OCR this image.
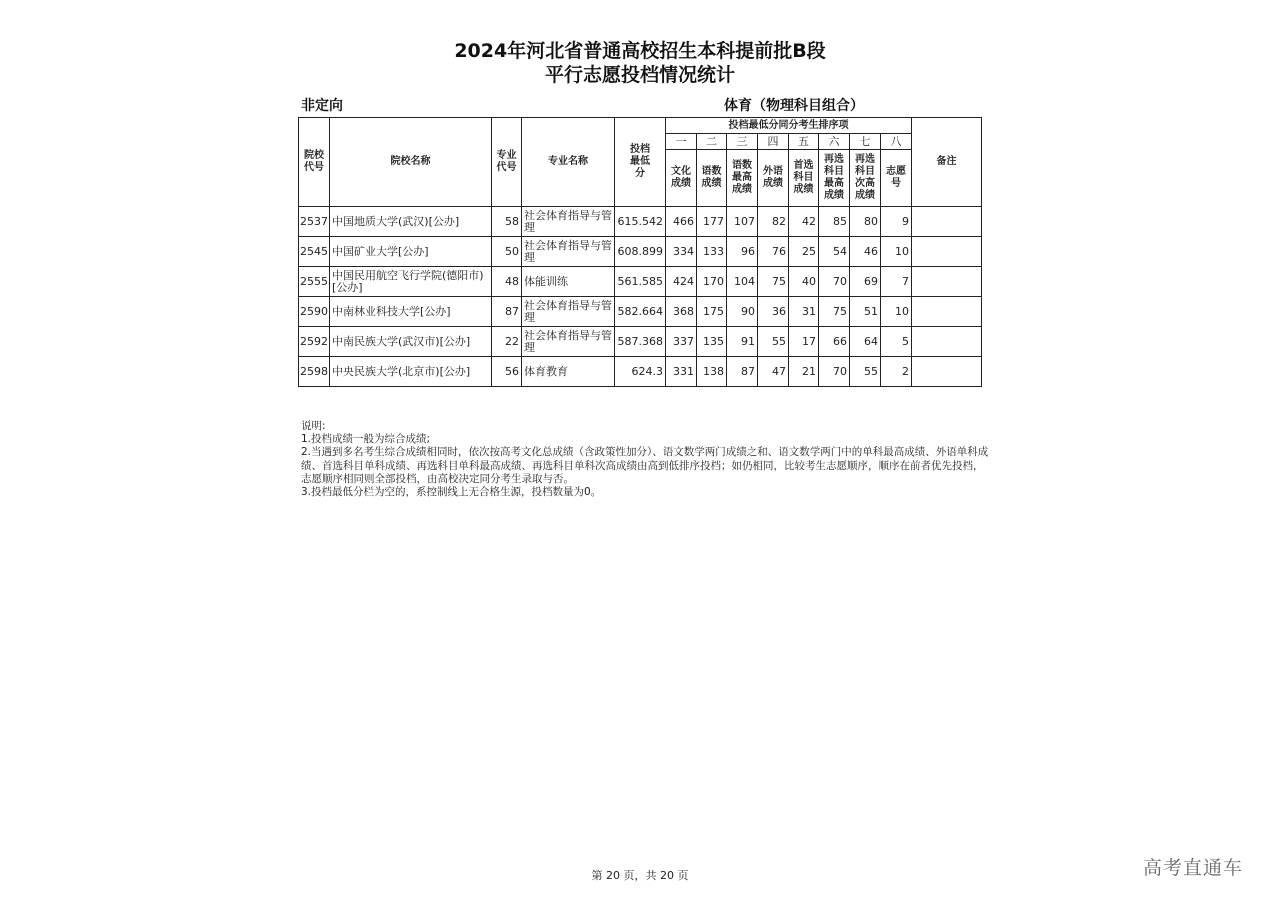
2024年河北省普通高校招生本科提前批B段
平行志愿投档情况统计
非定向	体育（物理科目组合）
院校代号	院校名称	专业代号	专业名称	投档最低分	投档最低分同分考生排序项								备注
					一	二	三	四	五	六	七	八	
					文化成绩	语数成绩	语数最高成绩	外语成绩	首选科目成绩	再选科目最高成绩	再选科目次高成绩	志愿号	
2537	中国地质大学(武汉)[公办]	58	社会体育指导与管理	615.542	466	177	107	82	42	85	80	9	
2545	中国矿业大学[公办]	50	社会体育指导与管理	608.899	334	133	96	76	25	54	46	10	
2555	中国民用航空飞行学院(德阳市)[公办]	48	体能训练	561.585	424	170	104	75	40	70	69	7	
2590	中南林业科技大学[公办]	87	社会体育指导与管理	582.664	368	175	90	36	31	75	51	10	
2592	中南民族大学(武汉市)[公办]	22	社会体育指导与管理	587.368	337	135	91	55	17	66	64	5	
2598	中央民族大学(北京市)[公办]	56	体育教育	624.3	331	138	87	47	21	70	55	2	
说明:
1.投档成绩一般为综合成绩;
2.当遇到多名考生综合成绩相同时，依次按高考文化总成绩（含政策性加分）、语文数学两门成绩之和、语文数学两门中的单科最高成绩、外语单科成绩、首选科目单科成绩、再选科目单科最高成绩、再选科目单科次高成绩由高到低排序投档；如仍相同，比较考生志愿顺序，顺序在前者优先投档，志愿顺序相同则全部投档，由高校决定同分考生录取与否。
3.投档最低分栏为空的，系控制线上无合格生源，投档数量为0。
第 20 页，共 20 页	高考直通车
